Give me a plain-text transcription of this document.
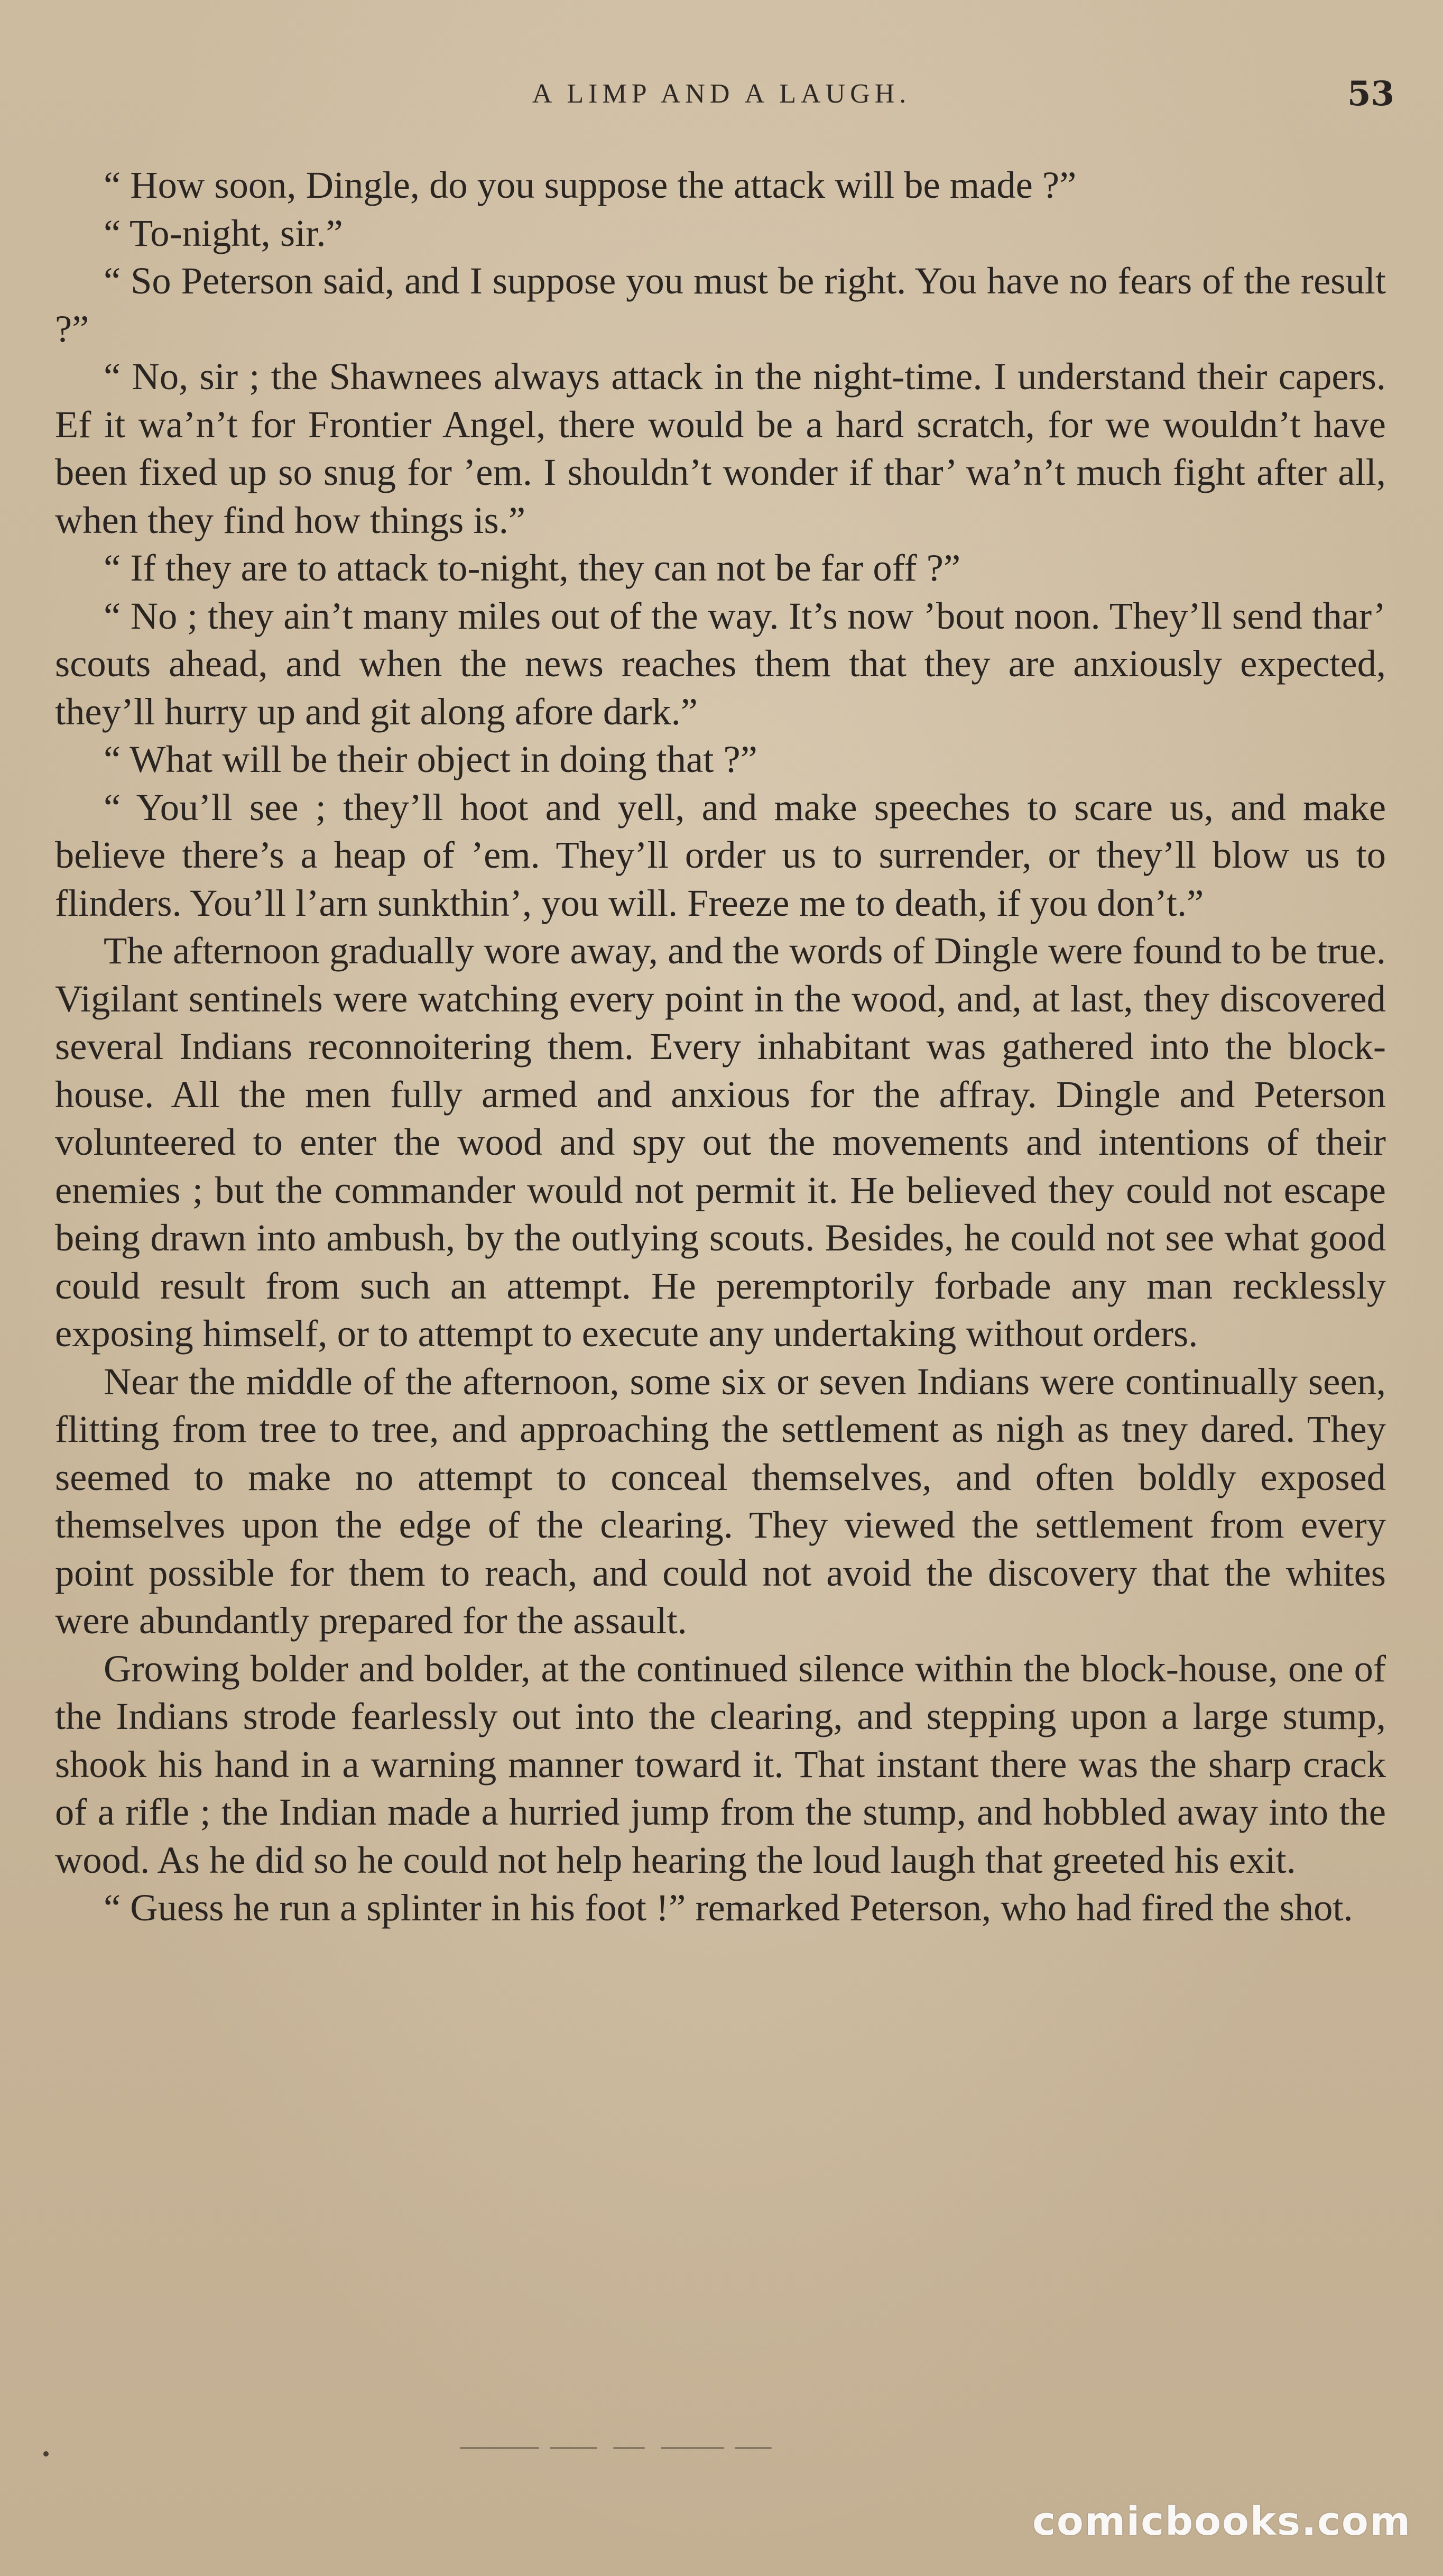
A LIMP AND A LAUGH.	53

“ How soon, Dingle, do you suppose the attack will be made ?”

“ To-night, sir.”

“ So Peterson said, and I suppose you must be right. You have no fears of the result ?”

“ No, sir ; the Shawnees always attack in the night-time. I understand their capers. Ef it wa’n’t for Frontier Angel, there would be a hard scratch, for we wouldn’t have been fixed up so snug for ’em. I shouldn’t wonder if thar’ wa’n’t much fight after all, when they find how things is.”

“ If they are to attack to-night, they can not be far off ?”

“ No ; they ain’t many miles out of the way. It’s now ’bout noon. They’ll send thar’ scouts ahead, and when the news reaches them that they are anxiously expected, they’ll hurry up and git along afore dark.”

“ What will be their object in doing that ?”

“ You’ll see ; they’ll hoot and yell, and make speeches to scare us, and make believe there’s a heap of ’em. They’ll order us to surrender, or they’ll blow us to flinders. You’ll l’arn sunkthin’, you will. Freeze me to death, if you don’t.”

The afternoon gradually wore away, and the words of Dingle were found to be true. Vigilant sentinels were watching every point in the wood, and, at last, they discovered several Indians reconnoitering them. Every inhabitant was gathered into the block-house. All the men fully armed and anxious for the affray. Dingle and Peterson volunteered to enter the wood and spy out the movements and intentions of their enemies ; but the commander would not permit it. He believed they could not escape being drawn into ambush, by the outlying scouts. Besides, he could not see what good could result from such an attempt. He peremptorily forbade any man recklessly exposing himself, or to attempt to execute any undertaking without orders.

Near the middle of the afternoon, some six or seven Indians were continually seen, flitting from tree to tree, and approaching the settlement as nigh as tney dared. They seemed to make no attempt to conceal themselves, and often boldly exposed themselves upon the edge of the clearing. They viewed the settlement from every point possible for them to reach, and could not avoid the discovery that the whites were abundantly prepared for the assault.

Growing bolder and bolder, at the continued silence within the block-house, one of the Indians strode fearlessly out into the clearing, and stepping upon a large stump, shook his hand in a warning manner toward it. That instant there was the sharp crack of a rifle ; the Indian made a hurried jump from the stump, and hobbled away into the wood. As he did so he could not help hearing the loud laugh that greeted his exit.

“ Guess he run a splinter in his foot !” remarked Peterson, who had fired the shot.

comicbooks.com
